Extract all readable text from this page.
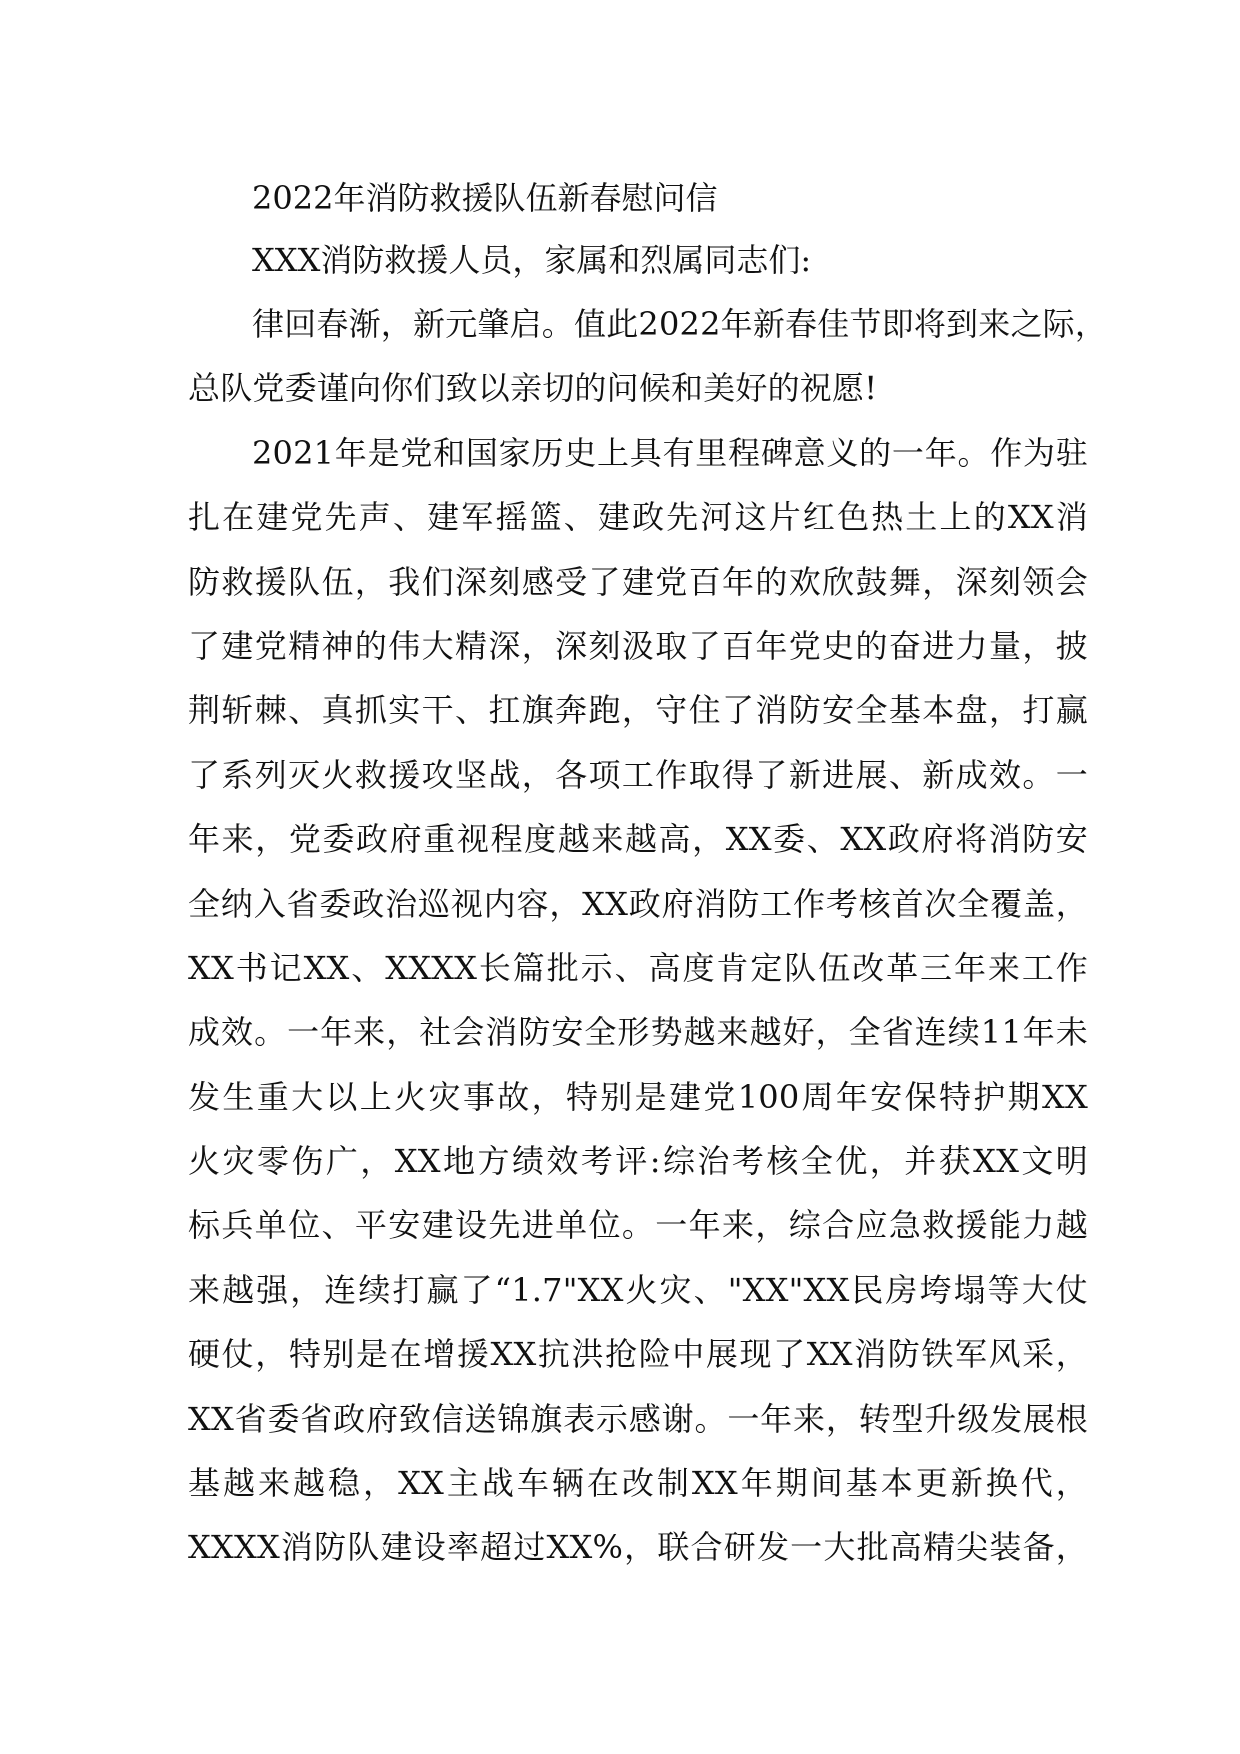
2022年消防救援队伍新春慰问信
XXX消防救援人员，家属和烈属同志们:
律回春渐，新元肇启。值此2022年新春佳节即将到来之际，
总队党委谨向你们致以亲切的问候和美好的祝愿!
2021年是党和国家历史上具有里程碑意义的一年。作为驻
扎在建党先声、建军摇篮、建政先河这片红色热土上的XX消
防救援队伍，我们深刻感受了建党百年的欢欣鼓舞，深刻领会
了建党精神的伟大精深，深刻汲取了百年党史的奋进力量，披
荆斩棘、真抓实干、扛旗奔跑，守住了消防安全基本盘，打赢
了系列灭火救援攻坚战，各项工作取得了新进展、新成效。一
年来，党委政府重视程度越来越高，XX委、XX政府将消防安
全纳入省委政治巡视内容，XX政府消防工作考核首次全覆盖，
XX书记XX、XXXX长篇批示、高度肯定队伍改革三年来工作
成效。一年来，社会消防安全形势越来越好，全省连续11年未
发生重大以上火灾事故，特别是建党100周年安保特护期XX
火灾零伤广，XX地方绩效考评:综治考核全优，并获XX文明
标兵单位、平安建设先进单位。一年来，综合应急救援能力越
来越强，连续打赢了“1.7"XX火灾、"XX"XX民房垮塌等大仗
硬仗，特别是在增援XX抗洪抢险中展现了XX消防铁军风采，
XX省委省政府致信送锦旗表示感谢。一年来，转型升级发展根
基越来越稳，XX主战车辆在改制XX年期间基本更新换代，
XXXX消防队建设率超过XX%，联合研发一大批高精尖装备，
